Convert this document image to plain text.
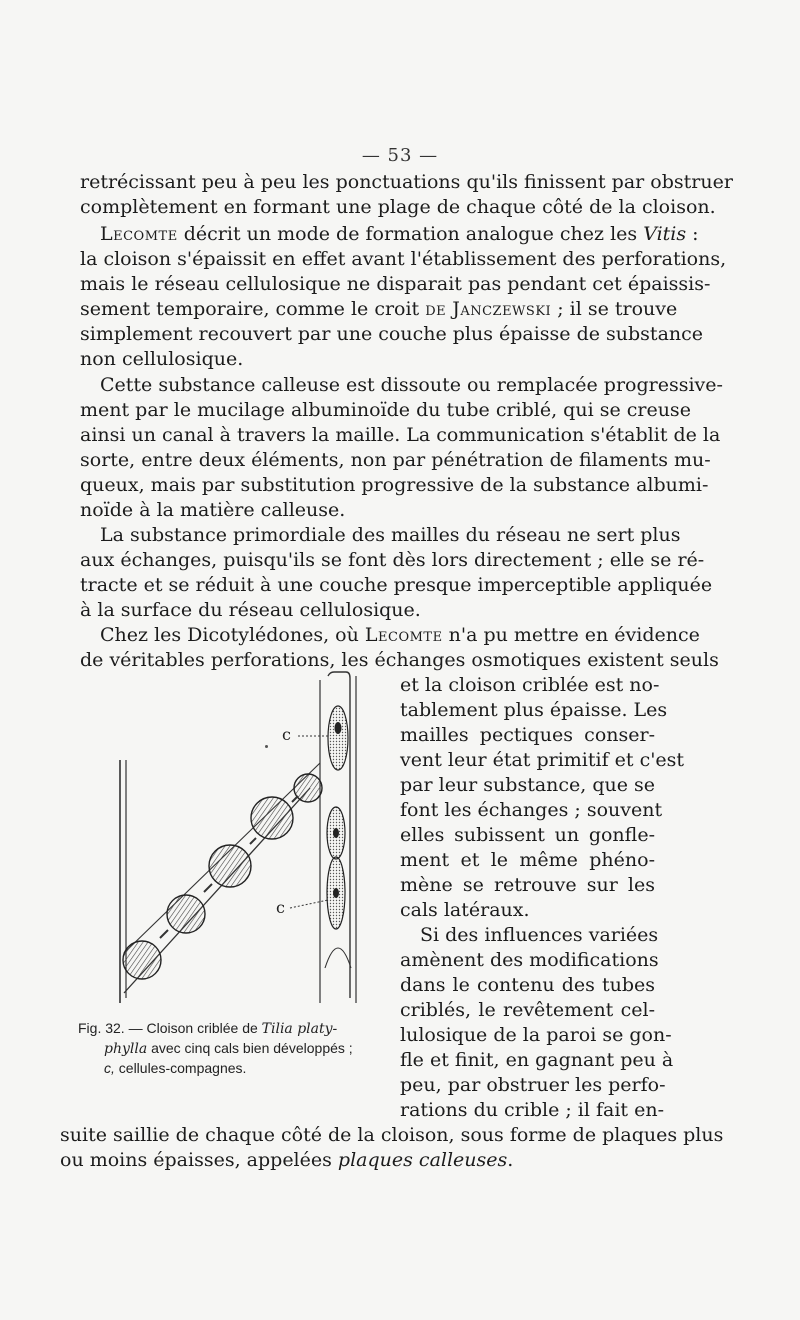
— 53 —
retrécissant peu à peu les ponctuations qu'ils finissent par obstruer
complètement en formant une plage de chaque côté de la cloison.
Lecomte décrit un mode de formation analogue chez les Vitis :
la cloison s'épaissit en effet avant l'établissement des perforations,
mais le réseau cellulosique ne disparait pas pendant cet épaissis-
sement temporaire, comme le croit de Janczewski ; il se trouve
simplement recouvert par une couche plus épaisse de substance
non cellulosique.
Cette substance calleuse est dissoute ou remplacée progressive-
ment par le mucilage albuminoïde du tube criblé, qui se creuse
ainsi un canal à travers la maille. La communication s'établit de la
sorte, entre deux éléments, non par pénétration de filaments mu-
queux, mais par substitution progressive de la substance albumi-
noïde à la matière calleuse.
La substance primordiale des mailles du réseau ne sert plus
aux échanges, puisqu'ils se font dès lors directement ; elle se ré-
tracte et se réduit à une couche presque imperceptible appliquée
à la surface du réseau cellulosique.
Chez les Dicotylédones, où Lecomte n'a pu mettre en évidence
de véritables perforations, les échanges osmotiques existent seuls
et la cloison criblée est no-
tablement plus épaisse. Les
mailles pectiques conser-
vent leur état primitif et c'est
par leur substance, que se
font les échanges ; souvent
elles subissent un gonfle-
ment et le même phéno-
mène se retrouve sur les
cals latéraux.
Si des influences variées
amènent des modifications
dans le contenu des tubes
criblés, le revêtement cel-
lulosique de la paroi se gon-
fle et finit, en gagnant peu à
peu, par obstruer les perfo-
rations du crible ; il fait en-
suite saillie de chaque côté de la cloison, sous forme de plaques plus
ou moins épaisses, appelées plaques calleuses.
c
c
Fig. 32. — Cloison criblée de Tilia platy-
phylla avec cinq cals bien développés ;
c, cellules-compagnes.
